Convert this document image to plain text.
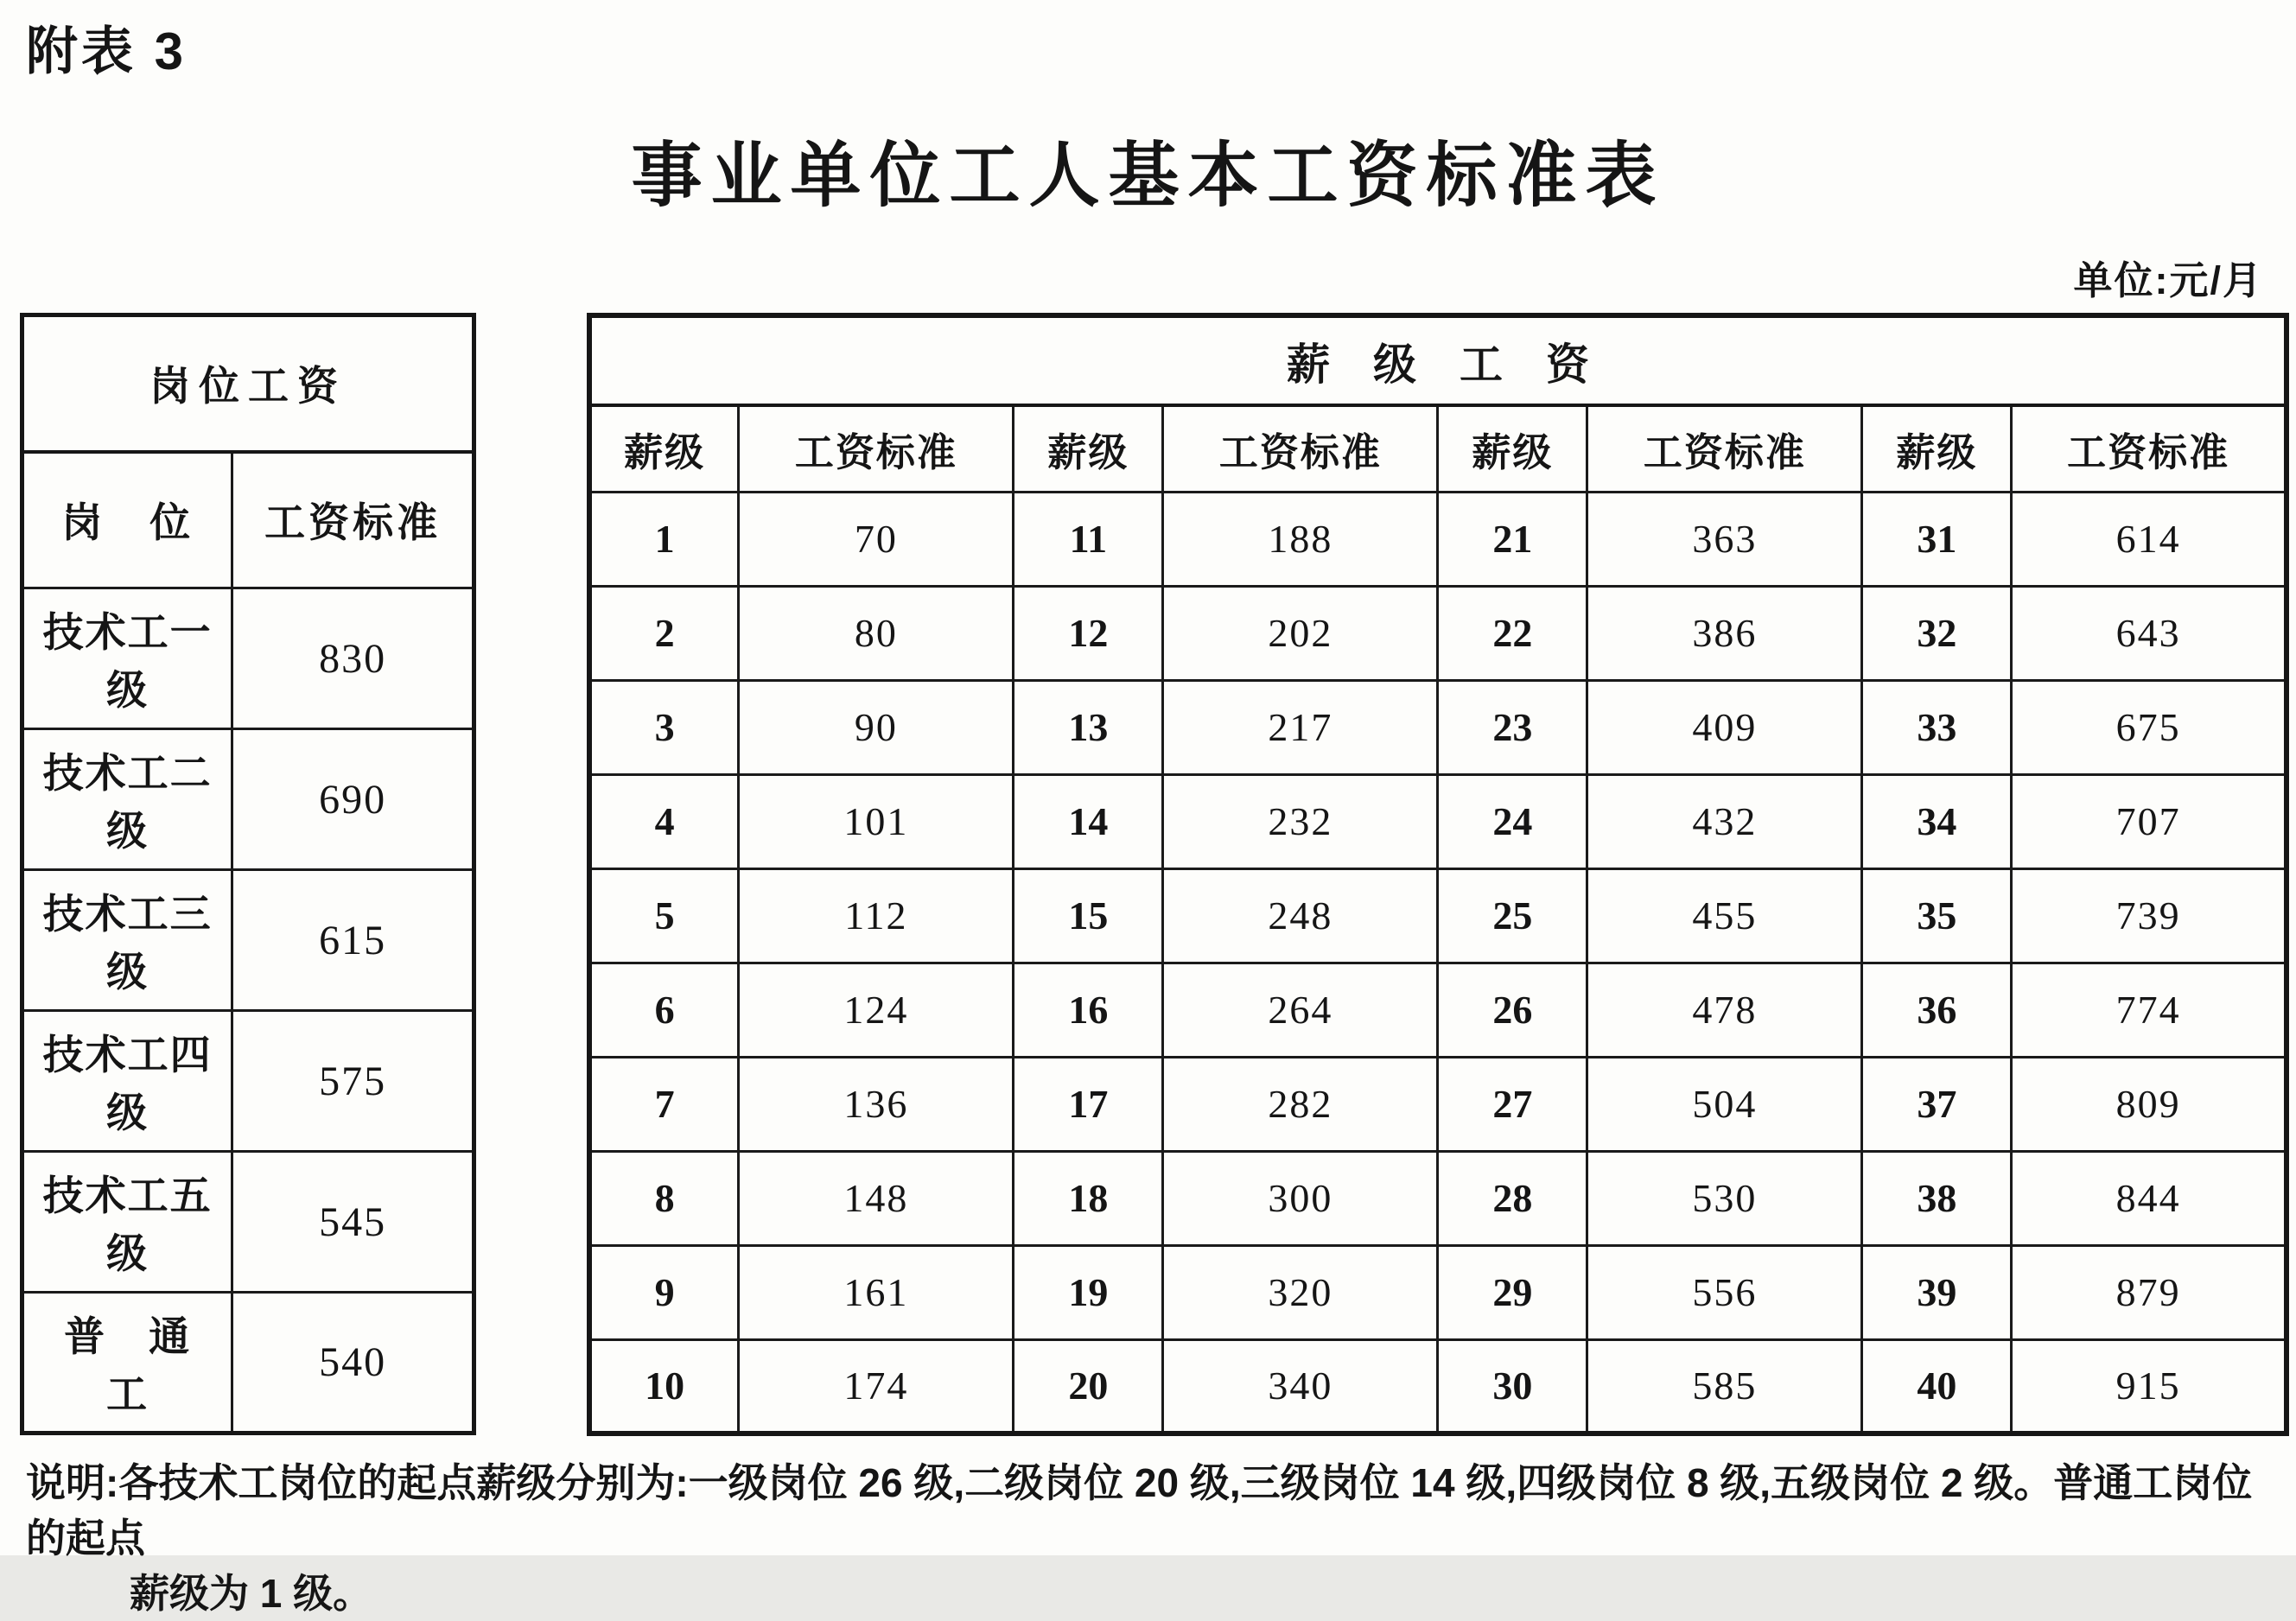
附表 3
事业单位工人基本工资标准表
单位:元/月
岗位工资	
岗　位	工资标准
技术工一级	830
技术工二级	690
技术工三级	615
技术工四级	575
技术工五级	545
普　通　工	540
薪　级　工　资							
薪级	工资标准	薪级	工资标准	薪级	工资标准	薪级	工资标准
1	70	11	188	21	363	31	614
2	80	12	202	22	386	32	643
3	90	13	217	23	409	33	675
4	101	14	232	24	432	34	707
5	112	15	248	25	455	35	739
6	124	16	264	26	478	36	774
7	136	17	282	27	504	37	809
8	148	18	300	28	530	38	844
9	161	19	320	29	556	39	879
10	174	20	340	30	585	40	915
说明:各技术工岗位的起点薪级分别为:一级岗位 26 级,二级岗位 20 级,三级岗位 14 级,四级岗位 8 级,五级岗位 2 级。普通工岗位的起点
薪级为 1 级。
